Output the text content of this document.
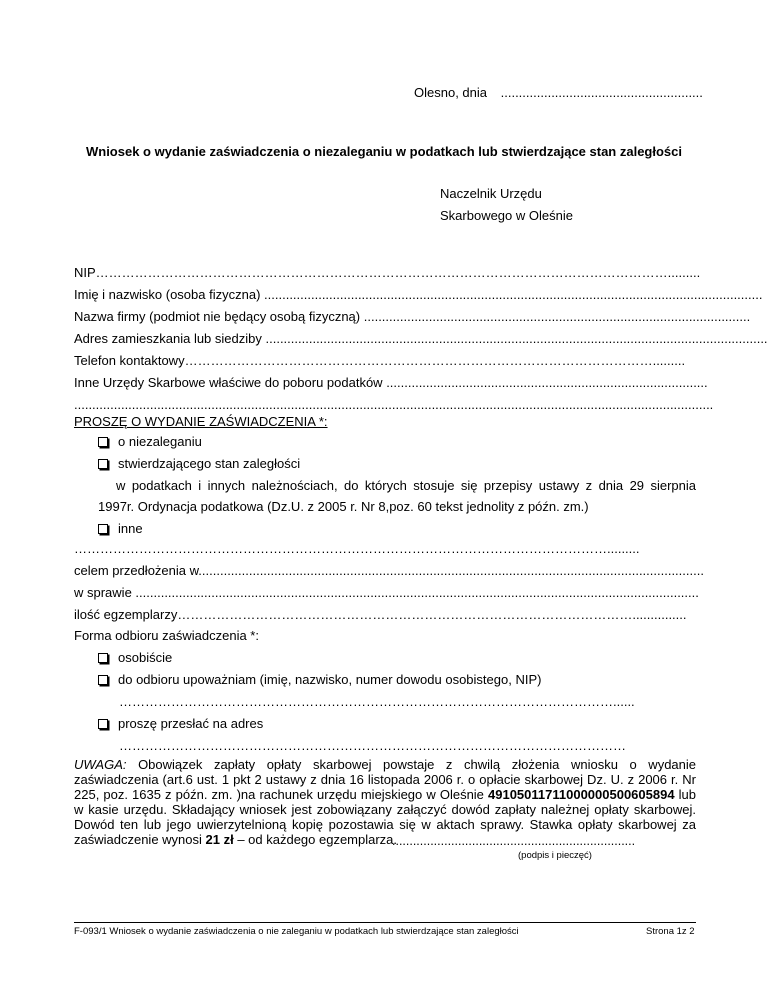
Olesno, dnia ........................................................
Wniosek o wydanie zaświadczenia o niezaleganiu w podatkach lub stwierdzające stan zaległości
Naczelnik Urzędu
Skarbowego w Oleśnie
NIP…………………………………………………………………………………………………………………….........
Imię i nazwisko (osoba fizyczna) ..........................................................................................................................................
Nazwa firmy (podmiot nie będący osobą fizyczną) ...........................................................................................................
Adres zamieszkania lub siedziby ...........................................................................................................................................
Telefon kontaktowy……………………………………………………………………………………………….........
Inne Urzędy Skarbowe właściwe do poboru podatków .........................................................................................
.................................................................................................................................................................................
PROSZĘ O WYDANIE ZAŚWIADCZENIA *:
o niezaleganiu
stwierdzającego stan zaległości
w podatkach i innych należnościach, do których stosuje się przepisy ustawy z dnia 29 sierpnia
1997r. Ordynacja podatkowa (Dz.U. z 2005 r. Nr 8,poz. 60 tekst jednolity z późn. zm.)
inne
…………………………………………………………………………………………………………….........
celem przedłożenia w............................................................................................................................................
w sprawie ............................................................................................................................................................
ilość egzemplarzy……………………………………………………………………………………………...............
Forma odbioru zaświadczenia *:
osobiście
do odbioru upoważniam (imię, nazwisko, numer dowodu osobistego, NIP)
……………………………………………………………………………………………………......
proszę przesłać na adres
………………………………………………………………………………………………………
UWAGA: Obowiązek zapłaty opłaty skarbowej powstaje z chwilą złożenia wniosku o wydanie zaświadczenia (art.6 ust. 1 pkt 2 ustawy z dnia 16 listopada 2006 r. o opłacie skarbowej Dz. U. z 2006 r. Nr 225, poz. 1635 z późn. zm. )na rachunek urzędu miejskiego w Oleśnie 49105011711000000500605894 lub w kasie urzędu. Składający wniosek jest zobowiązany załączyć dowód zapłaty należnej opłaty skarbowej. Dowód ten lub jego uwierzytelnioną kopię pozostawia się w aktach sprawy. Stawka opłaty skarbowej za zaświadczenie wynosi 21 zł – od każdego egzemplarza.
......................................................................
(podpis i pieczęć)
F-093/1 Wniosek o wydanie zaświadczenia o nie zaleganiu w podatkach lub stwierdzające stan zaległości	Strona 1z 2
